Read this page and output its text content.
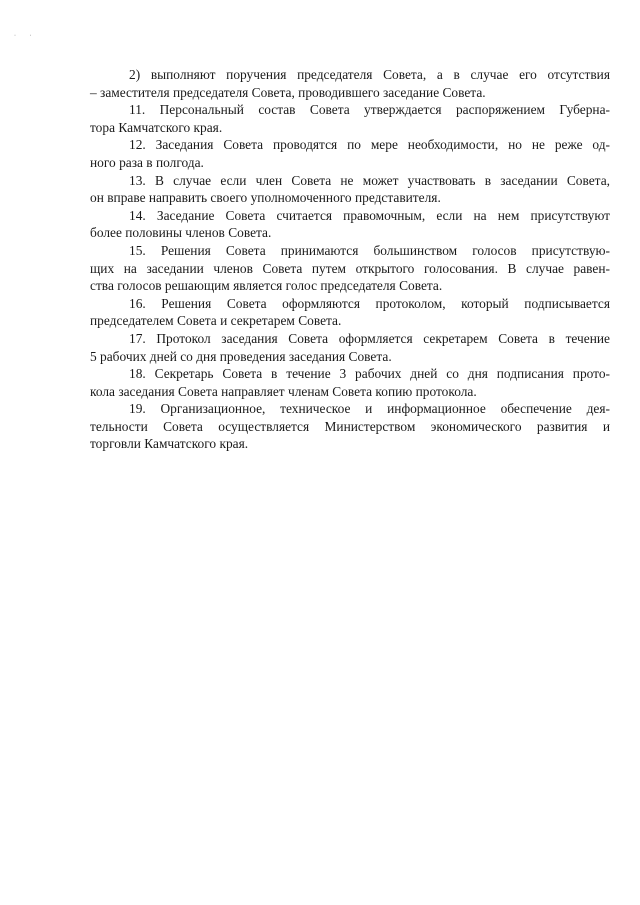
· ·

2) выполняют поручения председателя Совета, а в случае его отсутствия
– заместителя председателя Совета, проводившего заседание Совета.

11. Персональный состав Совета утверждается распоряжением Губерна-
тора Камчатского края.

12. Заседания Совета проводятся по мере необходимости, но не реже од-
ного раза в полгода.

13. В случае если член Совета не может участвовать в заседании Совета,
он вправе направить своего уполномоченного представителя.

14. Заседание Совета считается правомочным, если на нем присутствуют
более половины членов Совета.

15. Решения Совета принимаются большинством голосов присутствую-
щих на заседании членов Совета путем открытого голосования. В случае равен-
ства голосов решающим является голос председателя Совета.

16. Решения Совета оформляются протоколом, который подписывается
председателем Совета и секретарем Совета.

17. Протокол заседания Совета оформляется секретарем Совета в течение
5 рабочих дней со дня проведения заседания Совета.

18. Секретарь Совета в течение 3 рабочих дней со дня подписания прото-
кола заседания Совета направляет членам Совета копию протокола.

19. Организационное, техническое и информационное обеспечение дея-
тельности Совета осуществляется Министерством экономического развития и
торговли Камчатского края.
